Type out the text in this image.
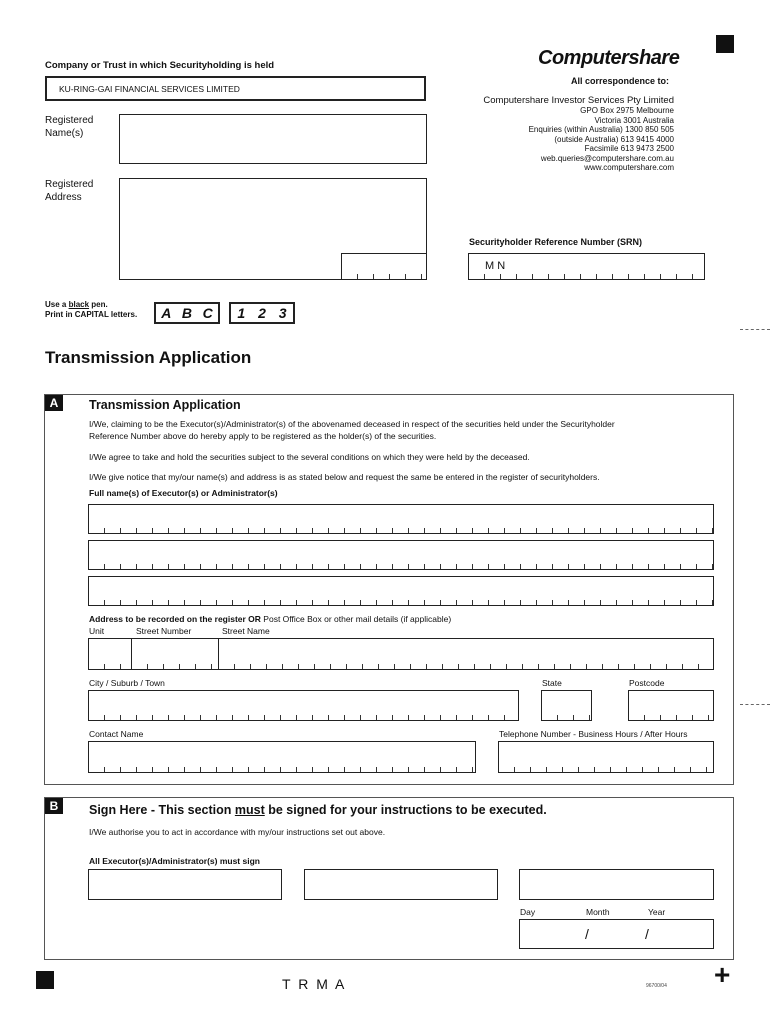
+
Company or Trust in which Securityholding is held
KU-RING-GAI FINANCIAL SERVICES LIMITED
Registered
Name(s)
Registered
Address
Use a black pen.
Print in CAPITAL letters. A B C 1 2 3
Computershare
All correspondence to:
Computershare Investor Services Pty Limited
GPO Box 2975 Melbourne
Victoria 3001 Australia
Enquiries (within Australia) 1300 850 505
(outside Australia) 613 9415 4000
Facsimile 613 9473 2500
web.queries@computershare.com.au
www.computershare.com
Securityholder Reference Number (SRN)
M N
Transmission Application
A	Transmission Application
I/We, claiming to be the Executor(s)/Administrator(s) of the abovenamed deceased in respect of the securities held under the Securityholder
Reference Number above do hereby apply to be registered as the holder(s) of the securities.
I/We agree to take and hold the securities subject to the several conditions on which they were held by the deceased.
I/We give notice that my/our name(s) and address is as stated below and request the same be entered in the register of securityholders.
Full name(s) of Executor(s) or Administrator(s)
Address to be recorded on the register OR Post Office Box or other mail details (if applicable)
Unit	Street Number	Street Name
City / Suburb / Town	State	Postcode
Contact Name	Telephone Number - Business Hours / After Hours
B	Sign Here - This section must be signed for your instructions to be executed.
I/We authorise you to act in accordance with my/our instructions set out above.
All Executor(s)/Administrator(s) must sign
Day	Month	Year
/	/
T R M A	96700/04
